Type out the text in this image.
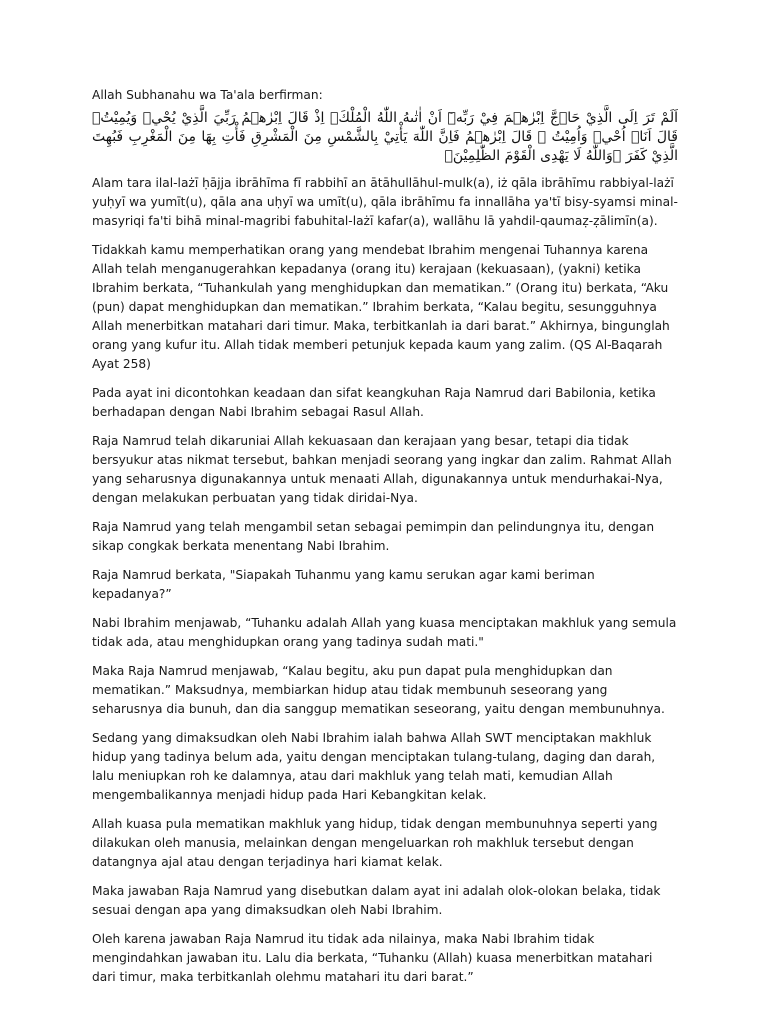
Allah Subhanahu wa Ta'ala berfirman:

اَلَمْ تَرَ اِلَى الَّذِيْ حَاۤجَّ اِبْرٰهٖمَ فِيْ رَبِّهٖٓ اَنْ اٰتٰىهُ اللّٰهُ الْمُلْكَۘ اِذْ قَالَ اِبْرٰهٖمُ رَبِّيَ الَّذِيْ يُحْيٖ وَيُمِيْتُۙ قَالَ اَنَا۠ اُحْيٖ وَاُمِيْتُ ۗ قَالَ اِبْرٰهٖمُ فَاِنَّ اللّٰهَ يَأْتِيْ بِالشَّمْسِ مِنَ الْمَشْرِقِ فَأْتِ بِهَا مِنَ الْمَغْرِبِ فَبُهِتَ الَّذِيْ كَفَرَ ۗوَاللّٰهُ لَا يَهْدِى الْقَوْمَ الظّٰلِمِيْنَۚ

Alam tara ilal-lażī ḥājja ibrāhīma fī rabbihī an ātāhullāhul-mulk(a), iż qāla ibrāhīmu rabbiyal-lażī yuḥyī wa yumīt(u), qāla ana uḥyī wa umīt(u), qāla ibrāhīmu fa innallāha ya'tī bisy-syamsi minal-masyriqi fa'ti bihā minal-magribi fabuhital-lażī kafar(a), wallāhu lā yahdil-qaumaẓ-ẓālimīn(a).

Tidakkah kamu memperhatikan orang yang mendebat Ibrahim mengenai Tuhannya karena Allah telah menganugerahkan kepadanya (orang itu) kerajaan (kekuasaan), (yakni) ketika Ibrahim berkata, “Tuhankulah yang menghidupkan dan mematikan.” (Orang itu) berkata, “Aku (pun) dapat menghidupkan dan mematikan.” Ibrahim berkata, “Kalau begitu, sesungguhnya Allah menerbitkan matahari dari timur. Maka, terbitkanlah ia dari barat.” Akhirnya, bingunglah orang yang kufur itu. Allah tidak memberi petunjuk kepada kaum yang zalim. (QS Al-Baqarah Ayat 258)

Pada ayat ini dicontohkan keadaan dan sifat keangkuhan Raja Namrud dari Babilonia, ketika berhadapan dengan Nabi Ibrahim sebagai Rasul Allah.

Raja Namrud telah dikaruniai Allah kekuasaan dan kerajaan yang besar, tetapi dia tidak bersyukur atas nikmat tersebut, bahkan menjadi seorang yang ingkar dan zalim. Rahmat Allah yang seharusnya digunakannya untuk menaati Allah, digunakannya untuk mendurhakai-Nya, dengan melakukan perbuatan yang tidak diridai-Nya.

Raja Namrud yang telah mengambil setan sebagai pemimpin dan pelindungnya itu, dengan sikap congkak berkata menentang Nabi Ibrahim.

Raja Namrud berkata, "Siapakah Tuhanmu yang kamu serukan agar kami beriman kepadanya?”

Nabi Ibrahim menjawab, “Tuhanku adalah Allah yang kuasa menciptakan makhluk yang semula tidak ada, atau menghidupkan orang yang tadinya sudah mati."

Maka Raja Namrud menjawab, “Kalau begitu, aku pun dapat pula menghidupkan dan mematikan.” Maksudnya, membiarkan hidup atau tidak membunuh seseorang yang seharusnya dia bunuh, dan dia sanggup mematikan seseorang, yaitu dengan membunuhnya.

Sedang yang dimaksudkan oleh Nabi Ibrahim ialah bahwa Allah SWT menciptakan makhluk hidup yang tadinya belum ada, yaitu dengan menciptakan tulang-tulang, daging dan darah, lalu meniupkan roh ke dalamnya, atau dari makhluk yang telah mati, kemudian Allah mengembalikannya menjadi hidup pada Hari Kebangkitan kelak.

Allah kuasa pula mematikan makhluk yang hidup, tidak dengan membunuhnya seperti yang dilakukan oleh manusia, melainkan dengan mengeluarkan roh makhluk tersebut dengan datangnya ajal atau dengan terjadinya hari kiamat kelak.

Maka jawaban Raja Namrud yang disebutkan dalam ayat ini adalah olok-olokan belaka, tidak sesuai dengan apa yang dimaksudkan oleh Nabi Ibrahim.

Oleh karena jawaban Raja Namrud itu tidak ada nilainya, maka Nabi Ibrahim tidak mengindahkan jawaban itu. Lalu dia berkata, “Tuhanku (Allah) kuasa menerbitkan matahari dari timur, maka terbitkanlah olehmu matahari itu dari barat.”
